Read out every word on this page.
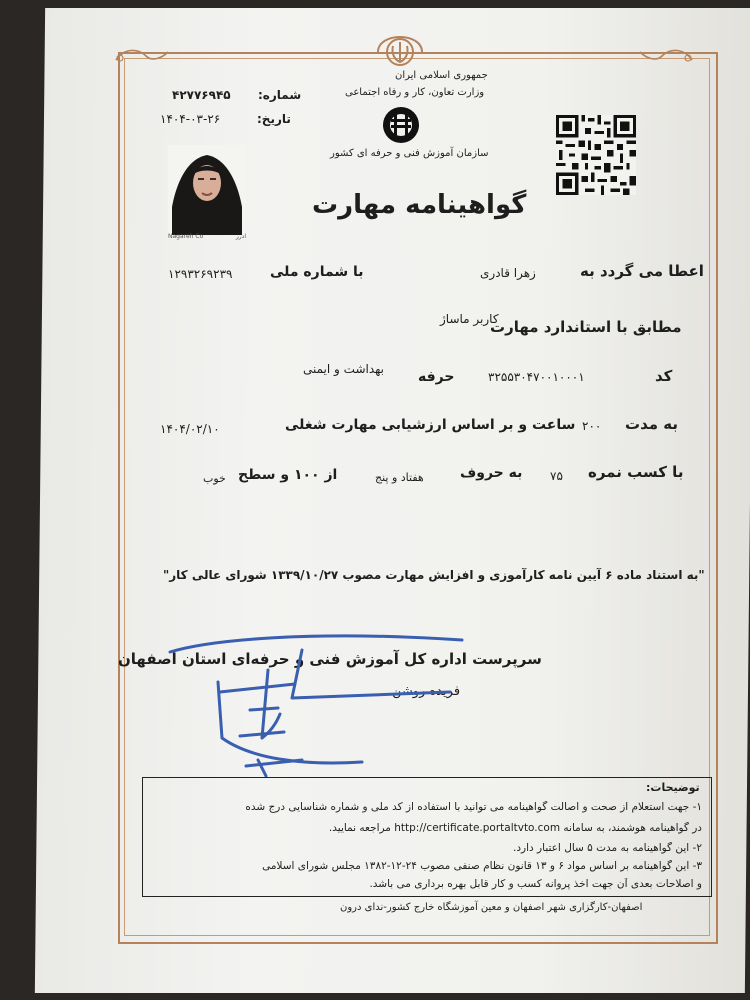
جمهوری اسلامی ایران
وزارت تعاون، کار و رفاه اجتماعی
سازمان آموزش فنی و حرفه ای کشور
شماره:
۴۲۷۷۶۹۴۵
تاریخ:
۱۴۰۴-۰۳-۲۶
Nagareh Co	ادرر
گواهینامه مهارت
اعطا می گردد به
زهرا قادری
با شماره ملی
۱۲۹۳۲۶۹۲۳۹
مطابق با استاندارد مهارت
کاربر ماساژ
کد
۳۲۵۵۳۰۴۷۰۰۱۰۰۰۱
حرفه
بهداشت و ایمنی
به مدت
۲۰۰
ساعت و بر اساس ارزشیابی مهارت شغلی
۱۴۰۴/۰۲/۱۰
با کسب نمره
۷۵
به حروف
هفتاد و پنج
از ۱۰۰ و سطح
خوب
"به استناد ماده ۶ آیین نامه کارآموزی و افزایش مهارت مصوب ۱۳۳۹/۱۰/۲۷ شورای عالی کار"
سرپرست اداره کل آموزش فنی و حرفه‌ای استان اصفهان
فریده روشن
توضیحات:
۱- جهت استعلام از صحت و اصالت گواهینامه می توانید با استفاده از کد ملی و شماره شناسایی درج شده
در گواهینامه هوشمند، به سامانه http://certificate.portaltvto.com مراجعه نمایید.
۲- این گواهینامه به مدت ۵ سال اعتبار دارد.
۳- این گواهینامه بر اساس مواد ۶ و ۱۳ قانون نظام صنفی مصوب ۲۴-۱۲-۱۳۸۲ مجلس شورای اسلامی
و اصلاحات بعدی آن جهت اخذ پروانه کسب و کار قابل بهره برداری می باشد.
اصفهان-کارگزاری شهر اصفهان و معین آموزشگاه خارج کشور-ندای درون
